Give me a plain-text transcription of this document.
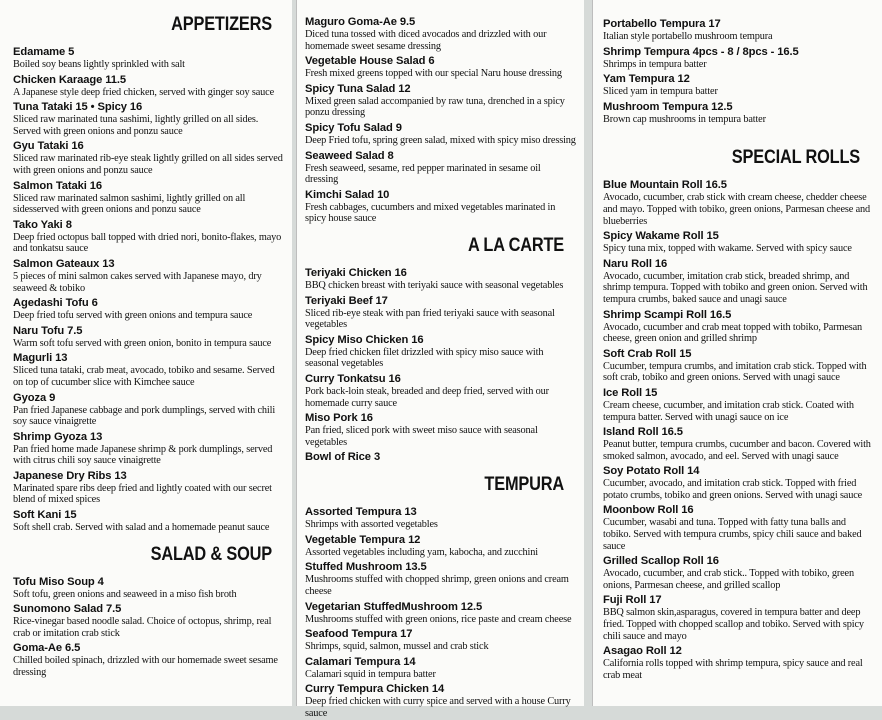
APPETIZERS
Edamame 5
Boiled soy beans lightly sprinkled with salt
Chicken Karaage 11.5
A Japanese style deep fried chicken, served with ginger soy sauce
Tuna Tataki 15 • Spicy 16
Sliced raw marinated tuna sashimi, lightly grilled on all sides. Served with green onions and ponzu sauce
Gyu Tataki 16
Sliced raw marinated rib-eye steak lightly grilled on all sides served with green onions and ponzu sauce
Salmon Tataki 16
Sliced raw marinated salmon sashimi, lightly grilled on all sidesserved with green onions and ponzu sauce
Tako Yaki 8
Deep fried octopus ball topped with dried nori, bonito-flakes, mayo and tonkatsu sauce
Salmon Gateaux 13
5 pieces of mini salmon cakes served with Japanese mayo, dry seaweed & tobiko
Agedashi Tofu 6
Deep fried tofu served with green onions and tempura sauce
Naru Tofu 7.5
Warm soft tofu served with green onion, bonito in tempura sauce
Magurli 13
Sliced tuna tataki, crab meat, avocado, tobiko and sesame. Served on top of cucumber slice with Kimchee sauce
Gyoza 9
Pan fried Japanese cabbage and pork dumplings, served with chili soy sauce vinaigrette
Shrimp Gyoza 13
Pan fried home made Japanese shrimp & pork dumplings, served with citrus chili soy sauce vinaigrette
Japanese Dry Ribs 13
Marinated spare ribs deep fried and lightly coated with our secret blend of mixed spices
Soft Kani 15
Soft shell crab. Served with salad and a homemade peanut sauce
SALAD & SOUP
Tofu Miso Soup 4
Soft tofu, green onions and seaweed in a miso fish broth
Sunomono Salad 7.5
Rice-vinegar based noodle salad. Choice of octopus, shrimp, real crab or imitation crab stick
Goma-Ae 6.5
Chilled boiled spinach, drizzled with our homemade sweet sesame dressing
Maguro Goma-Ae 9.5
Diced tuna tossed with diced avocados and drizzled with our homemade sweet sesame dressing
Vegetable House Salad 6
Fresh mixed greens topped with our special Naru house dressing
Spicy Tuna Salad 12
Mixed green salad accompanied by raw tuna, drenched in a spicy ponzu dressing
Spicy Tofu Salad 9
Deep Fried tofu, spring green salad, mixed with spicy miso dressing
Seaweed Salad 8
Fresh seaweed, sesame, red pepper marinated in sesame oil dressing
Kimchi Salad 10
Fresh cabbages, cucumbers and mixed vegetables marinated in spicy house sauce
A LA CARTE
Teriyaki Chicken 16
BBQ chicken breast with teriyaki sauce with seasonal vegetables
Teriyaki Beef 17
Sliced rib-eye steak with pan fried teriyaki sauce with seasonal vegetables
Spicy Miso Chicken 16
Deep fried chicken filet drizzled with spicy miso sauce with seasonal vegetables
Curry Tonkatsu 16
Pork back-loin steak, breaded and deep fried, served with our homemade curry sauce
Miso Pork 16
Pan fried, sliced pork with sweet miso sauce with seasonal vegetables
Bowl of Rice 3
TEMPURA
Assorted Tempura 13
Shrimps with assorted vegetables
Vegetable Tempura 12
Assorted vegetables including yam, kabocha, and zucchini
Stuffed Mushroom 13.5
Mushrooms stuffed with chopped shrimp, green onions and cream cheese
Vegetarian StuffedMushroom 12.5
Mushrooms stuffed with green onions, rice paste and cream cheese
Seafood Tempura 17
Shrimps, squid, salmon, mussel and crab stick
Calamari Tempura 14
Calamari squid in tempura batter
Curry Tempura Chicken 14
Deep fried chicken with curry spice and served with a house Curry sauce
Portabello Tempura 17
Italian style portabello mushroom tempura
Shrimp Tempura 4pcs - 8 / 8pcs - 16.5
Shrimps in tempura batter
Yam Tempura 12
Sliced yam in tempura batter
Mushroom Tempura 12.5
Brown cap mushrooms in tempura batter
SPECIAL ROLLS
Blue Mountain Roll 16.5
Avocado, cucumber, crab stick with cream cheese, chedder cheese and mayo. Topped with tobiko, green onions, Parmesan cheese and blueberries
Spicy Wakame Roll 15
Spicy tuna mix, topped with wakame. Served with spicy sauce
Naru Roll 16
Avocado, cucumber, imitation crab stick, breaded shrimp, and shrimp tempura. Topped with tobiko and green onion. Served with tempura crumbs, baked sauce and unagi sauce
Shrimp Scampi Roll 16.5
Avocado, cucumber and crab meat topped with tobiko, Parmesan cheese, green onion and grilled shrimp
Soft Crab Roll 15
Cucumber, tempura crumbs, and imitation crab stick. Topped with soft crab, tobiko and green onions. Served with unagi sauce
Ice Roll 15
Cream cheese, cucumber, and imitation crab stick. Coated with tempura batter. Served with unagi sauce on ice
Island Roll 16.5
Peanut butter, tempura crumbs, cucumber and bacon. Covered with smoked salmon, avocado, and eel. Served with unagi sauce
Soy Potato Roll 14
Cucumber, avocado, and imitation crab stick. Topped with fried potato crumbs, tobiko and green onions. Served with unagi sauce
Moonbow Roll 16
Cucumber, wasabi and tuna. Topped with fatty tuna balls and tobiko. Served with tempura crumbs, spicy chili sauce and baked sauce
Grilled Scallop Roll 16
Avocado, cucumber, and crab stick.. Topped with tobiko, green onions, Parmesan cheese, and grilled scallop
Fuji Roll 17
BBQ salmon skin,asparagus, covered in tempura batter and deep fried. Topped with chopped scallop and tobiko. Served with spicy chili sauce and mayo
Asagao Roll 12
California rolls topped with shrimp tempura, spicy sauce and real crab meat
